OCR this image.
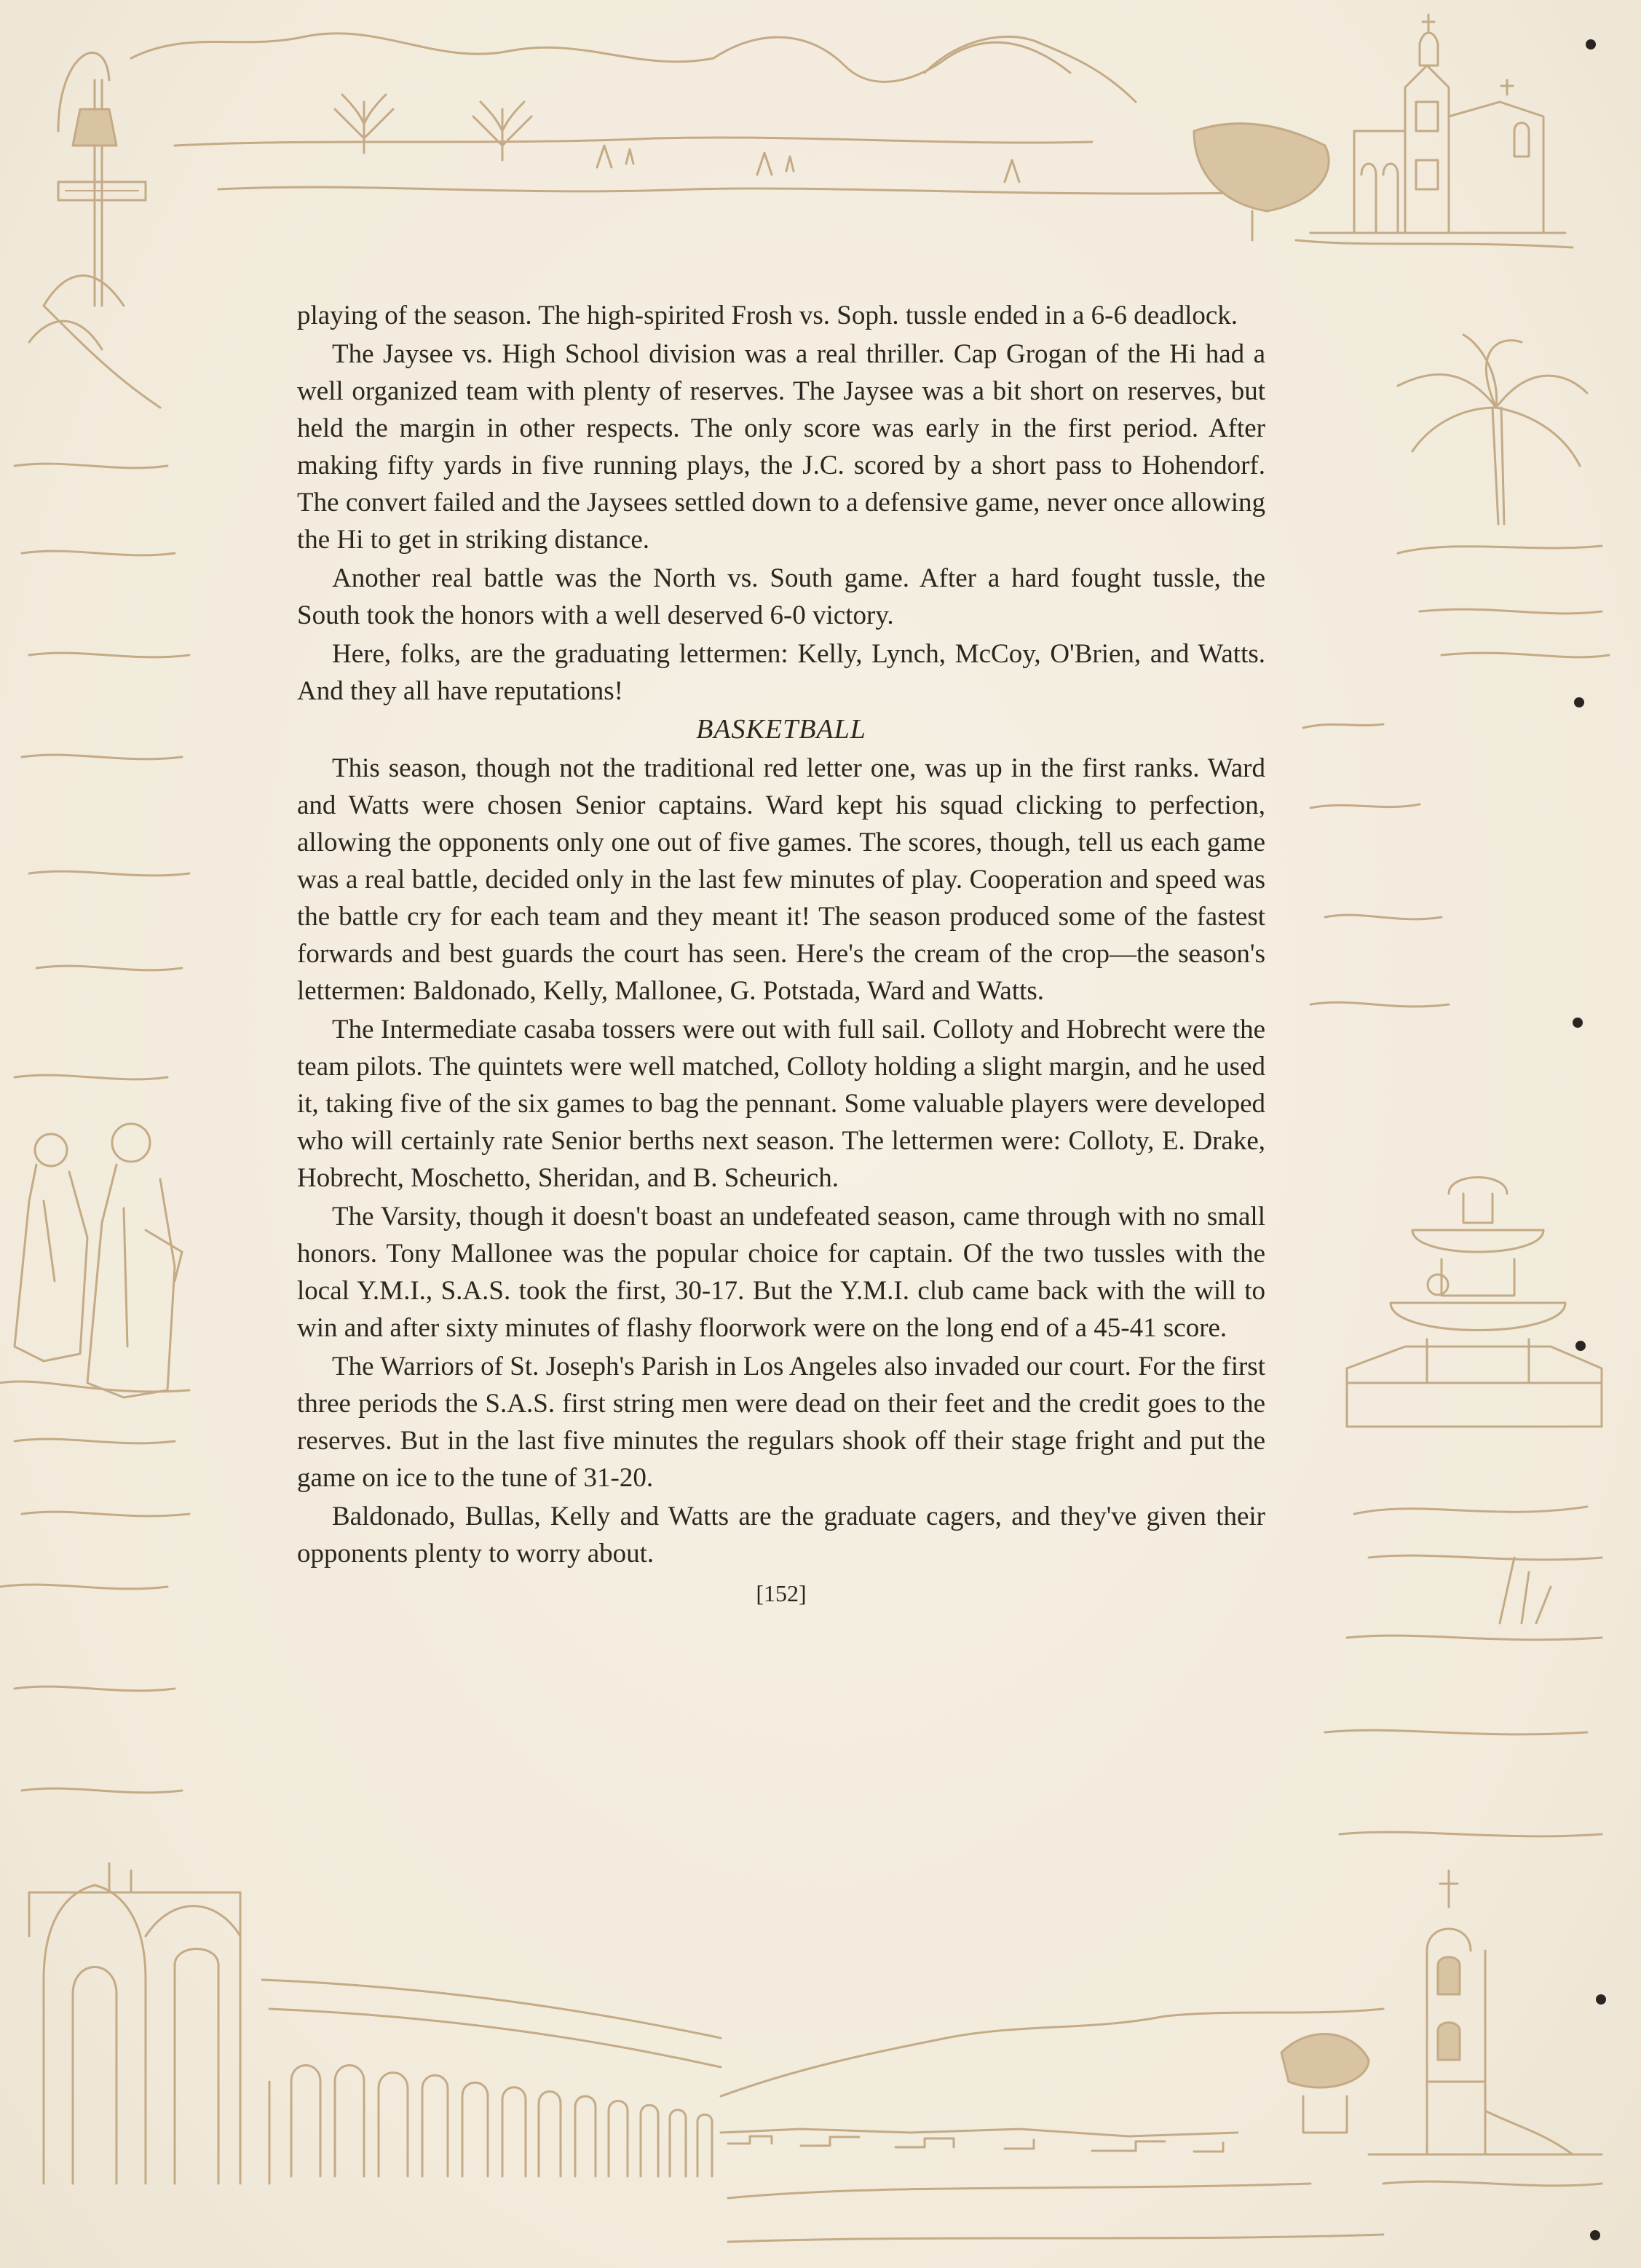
playing of the season. The high-spirited Frosh vs. Soph. tussle ended in a 6-6 deadlock.

The Jaysee vs. High School division was a real thriller. Cap Grogan of the Hi had a well organized team with plenty of reserves. The Jaysee was a bit short on reserves, but held the margin in other respects. The only score was early in the first period. After making fifty yards in five running plays, the J.C. scored by a short pass to Hohendorf. The convert failed and the Jaysees settled down to a defensive game, never once allowing the Hi to get in striking distance.

Another real battle was the North vs. South game. After a hard fought tussle, the South took the honors with a well deserved 6-0 victory.

Here, folks, are the graduating lettermen: Kelly, Lynch, McCoy, O'Brien, and Watts. And they all have reputations!

BASKETBALL

This season, though not the traditional red letter one, was up in the first ranks. Ward and Watts were chosen Senior captains. Ward kept his squad clicking to perfection, allowing the opponents only one out of five games. The scores, though, tell us each game was a real battle, decided only in the last few minutes of play. Cooperation and speed was the battle cry for each team and they meant it! The season produced some of the fastest forwards and best guards the court has seen. Here's the cream of the crop—the season's lettermen: Baldonado, Kelly, Mallonee, G. Potstada, Ward and Watts.

The Intermediate casaba tossers were out with full sail. Colloty and Hobrecht were the team pilots. The quintets were well matched, Colloty holding a slight margin, and he used it, taking five of the six games to bag the pennant. Some valuable players were developed who will certainly rate Senior berths next season. The lettermen were: Colloty, E. Drake, Hobrecht, Moschetto, Sheridan, and B. Scheurich.

The Varsity, though it doesn't boast an undefeated season, came through with no small honors. Tony Mallonee was the popular choice for captain. Of the two tussles with the local Y.M.I., S.A.S. took the first, 30-17. But the Y.M.I. club came back with the will to win and after sixty minutes of flashy floorwork were on the long end of a 45-41 score.

The Warriors of St. Joseph's Parish in Los Angeles also invaded our court. For the first three periods the S.A.S. first string men were dead on their feet and the credit goes to the reserves. But in the last five minutes the regulars shook off their stage fright and put the game on ice to the tune of 31-20.

Baldonado, Bullas, Kelly and Watts are the graduate cagers, and they've given their opponents plenty to worry about.

[152]
